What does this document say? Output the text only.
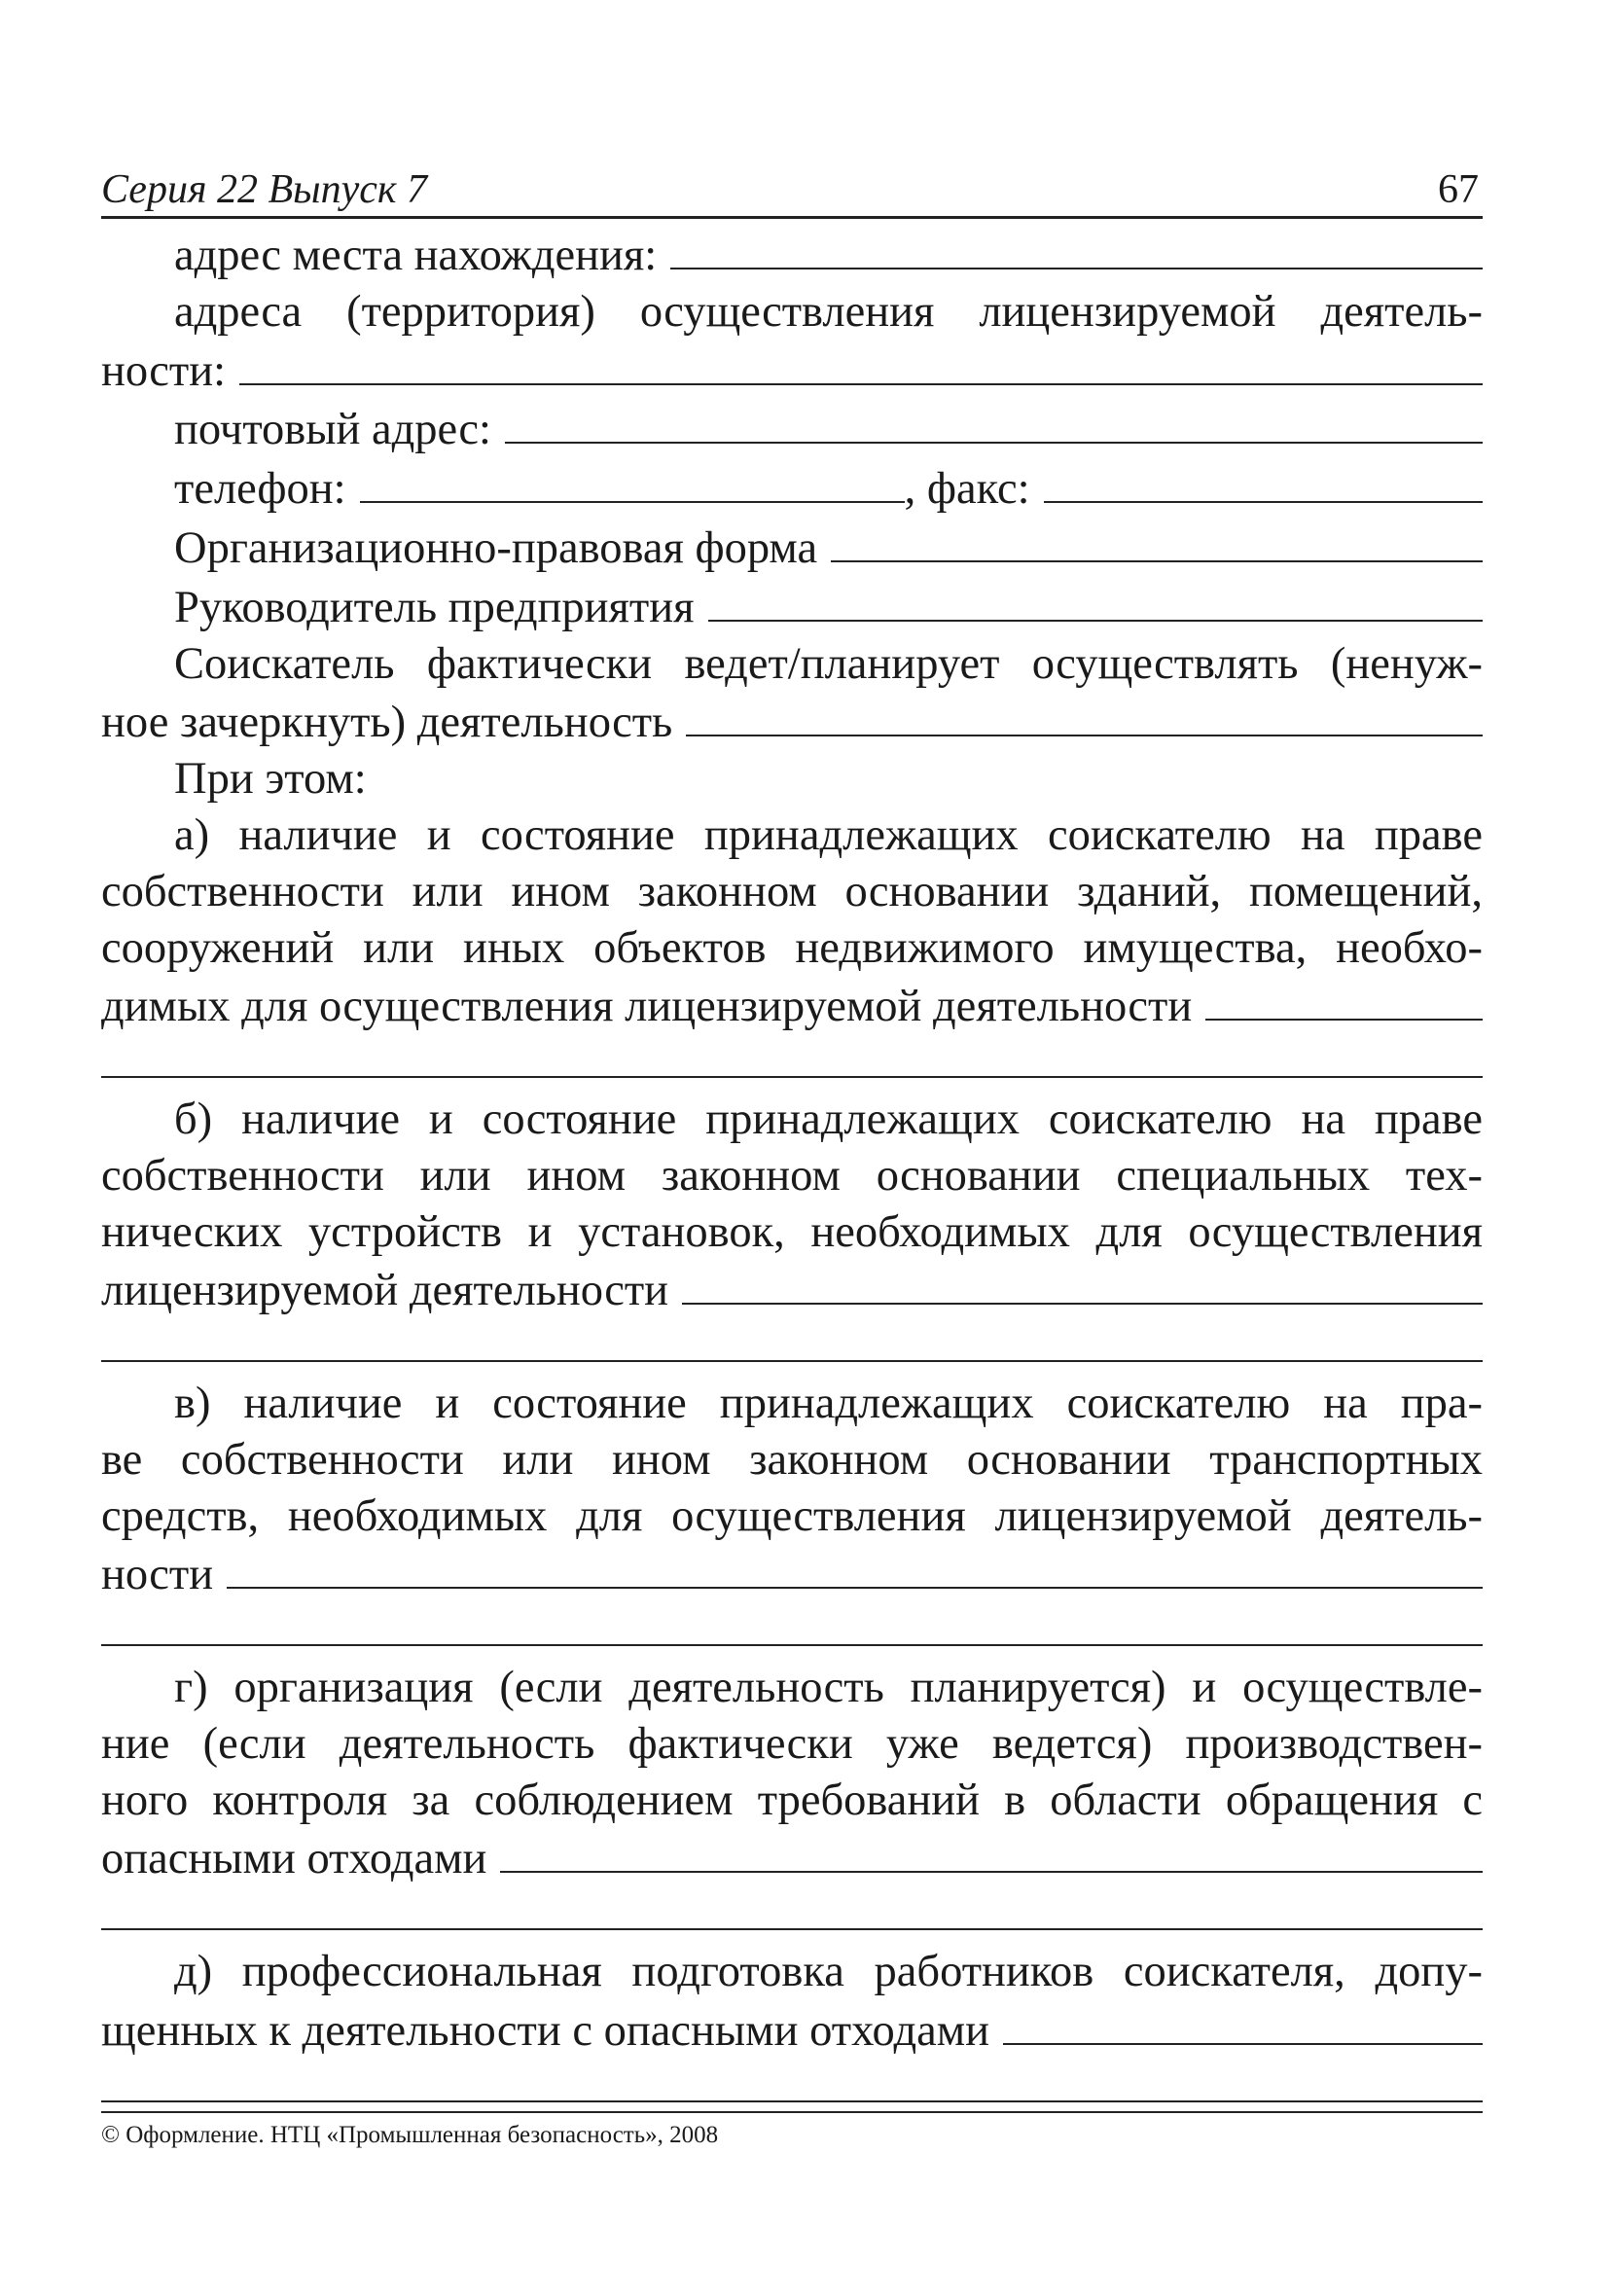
Серия 22 Выпуск 7	67
адрес места нахождения:
адреса (территория) осуществления лицензируемой деятель-
ности:
почтовый адрес:
телефон:	, факс:
Организационно-правовая форма
Руководитель предприятия
Соискатель фактически ведет/планирует осуществлять (ненуж-
ное зачеркнуть) деятельность
При этом:
а) наличие и состояние принадлежащих соискателю на праве
собственности или ином законном основании зданий, помещений,
сооружений или иных объектов недвижимого имущества, необхо-
димых для осуществления лицензируемой деятельности
б) наличие и состояние принадлежащих соискателю на праве
собственности или ином законном основании специальных тех-
нических устройств и установок, необходимых для осуществления
лицензируемой деятельности
в) наличие и состояние принадлежащих соискателю на пра-
ве собственности или ином законном основании транспортных
средств, необходимых для осуществления лицензируемой деятель-
ности
г) организация (если деятельность планируется) и осуществле-
ние (если деятельность фактически уже ведется) производствен-
ного контроля за соблюдением требований в области обращения с
опасными отходами
д) профессиональная подготовка работников соискателя, допу-
щенных к деятельности с опасными отходами
© Оформление. НТЦ «Промышленная безопасность», 2008
